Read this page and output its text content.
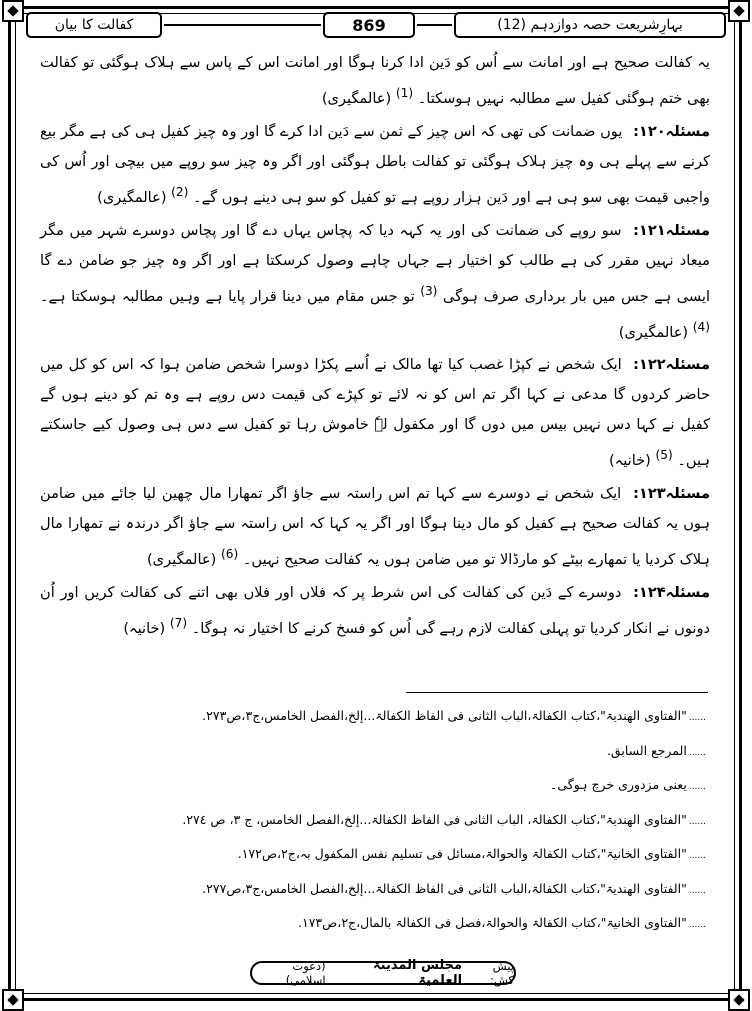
کفالت کا بیان	869	بہارِشریعت حصہ دوازدہم (12)

یہ کفالت صحیح ہے اور امانت سے اُس کو دَین ادا کرنا ہوگا اور امانت اس کے پاس سے ہلاک ہوگئی تو کفالت بھی ختم ہوگئی کفیل سے مطالبہ نہیں ہوسکتا۔ $^{(1)}$ (عالمگیری)

مسئلہ۱۲۰: یوں ضمانت کی تھی کہ اس چیز کے ثمن سے دَین ادا کرے گا اور وہ چیز کفیل ہی کی ہے مگر بیع کرنے سے پہلے ہی وہ چیز ہلاک ہوگئی تو کفالت باطل ہوگئی اور اگر وہ چیز سو روپے میں بیچی اور اُس کی واجبی قیمت بھی سو ہی ہے اور دَین ہزار روپے ہے تو کفیل کو سو ہی دینے ہوں گے۔ $^{(2)}$ (عالمگیری)

مسئلہ۱۲۱: سو روپے کی ضمانت کی اور یہ کہہ دیا کہ پچاس یہاں دے گا اور پچاس دوسرے شہر میں مگر میعاد نہیں مقرر کی ہے طالب کو اختیار ہے جہاں چاہے وصول کرسکتا ہے اور اگر وہ چیز جو ضامن دے گا ایسی ہے جس میں بار برداری صرف ہوگی $^{(3)}$ تو جس مقام میں دینا قرار پایا ہے وہیں مطالبہ ہوسکتا ہے۔ $^{(4)}$ (عالمگیری)

مسئلہ۱۲۲: ایک شخص نے کپڑا غصب کیا تھا مالک نے اُسے پکڑا دوسرا شخص ضامن ہوا کہ اس کو کل میں حاضر کردوں گا مدعی نے کہا اگر تم اس کو نہ لائے تو کپڑے کی قیمت دس روپے ہے وہ تم کو دینے ہوں گے کفیل نے کہا دس نہیں بیس میں دوں گا اور مکفول لہٗ خاموش رہا تو کفیل سے دس ہی وصول کیے جاسکتے ہیں۔ $^{(5)}$ (خانیہ)

مسئلہ۱۲۳: ایک شخص نے دوسرے سے کہا تم اس راستہ سے جاؤ اگر تمھارا مال چھین لیا جائے میں ضامن ہوں یہ کفالت صحیح ہے کفیل کو مال دینا ہوگا اور اگر یہ کہا کہ اس راستہ سے جاؤ اگر درندہ نے تمھارا مال ہلاک کردیا یا تمھارے بیٹے کو مارڈالا تو میں ضامن ہوں یہ کفالت صحیح نہیں۔ $^{(6)}$ (عالمگیری)

مسئلہ۱۲۴: دوسرے کے دَین کی کفالت کی اس شرط پر کہ فلاں اور فلاں بھی اتنے کی کفالت کریں اور اُن دونوں نے انکار کردیا تو پہلی کفالت لازم رہے گی اُس کو فسخ کرنے کا اختیار نہ ہوگا۔ $^{(7)}$ (خانیہ)

......"الفتاوی الھندیۃ"،کتاب الکفالۃ،الباب الثانی فی الفاظ الکفالۃ...إلخ،الفصل الخامس،ج۳،ص۲۷۳.
......المرجع السابق.
......یعنی مزدوری خرچ ہوگی۔
......"الفتاوی الھندیۃ"،کتاب الکفالۃ، الباب الثانی فی الفاظ الکفالۃ...إلخ،الفصل الخامس، ج ۳، ص ۲۷٤.
......"الفتاوی الخانیۃ"،کتاب الکفالۃ والحوالۃ،مسائل فی تسلیم نفس المکفول بہ،ج۲،ص۱۷۲.
......"الفتاوی الھندیۃ"،کتاب الکفالۃ،الباب الثانی فی الفاظ الکفالۃ...إلخ،الفصل الخامس،ج۳،ص۲۷۷.
......"الفتاوی الخانیۃ"،کتاب الکفالۃ والحوالۃ،فصل فی الکفالۃ بالمال،ج۲،ص۱۷۳.
پیش کش:
مجلس المدینۃ العلمیۃ
(دعوت اسلامی)
